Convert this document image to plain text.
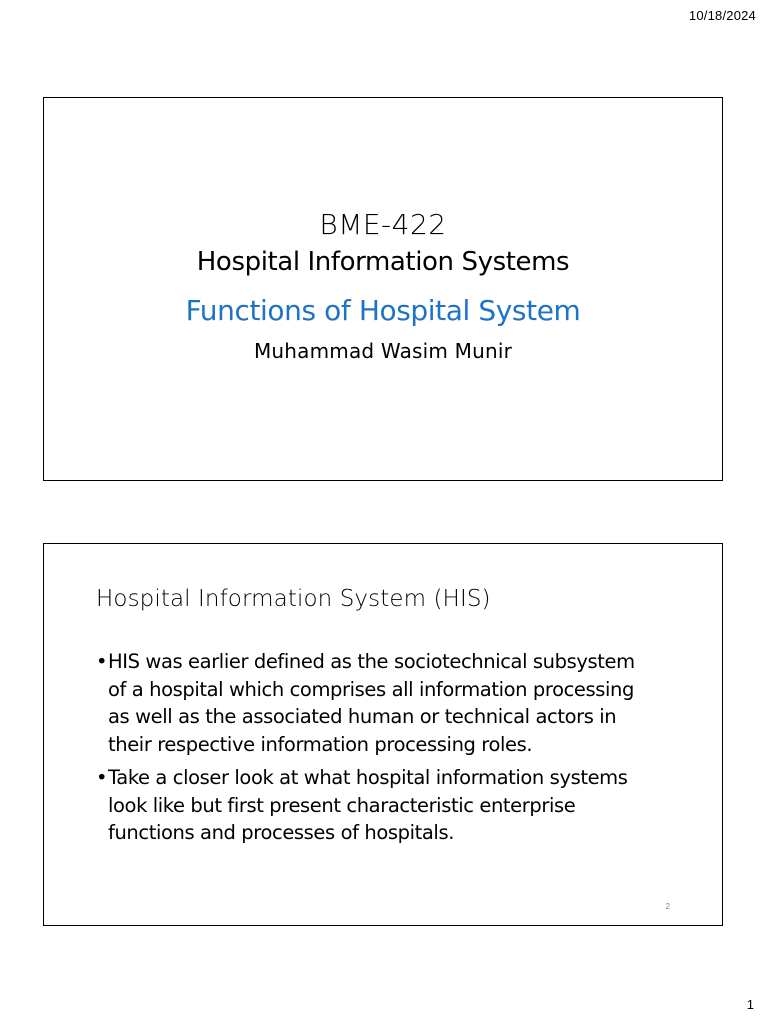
10/18/2024
BME-422
Hospital Information Systems
Functions of Hospital System
Muhammad Wasim Munir
Hospital Information System (HIS)
• HIS was earlier defined as the sociotechnical subsystem of a hospital which comprises all information processing as well as the associated human or technical actors in their respective information processing roles.
• Take a closer look at what hospital information systems look like but first present characteristic enterprise functions and processes of hospitals.
2
1
